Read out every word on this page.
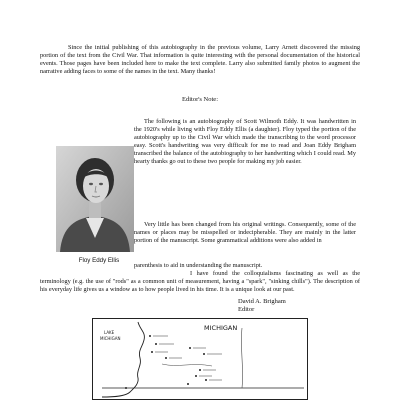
Since the initial publishing of this autobiography in the previous volume, Larry Arnett discovered the missing portion of the text from the Civil War. That information is quite interesting with the personal documentation of the historical events. Those pages have been included here to make the text complete. Larry also submitted family photos to augment the narrative adding faces to some of the names in the text. Many thanks!

Editor's Note:

Floy Eddy Ellis

The following is an autobiography of Scott Wilmoth Eddy. It was handwritten in the 1920's while living with Floy Eddy Ellis (a daughter). Floy typed the portion of the autobiography up to the Civil War which made the transcribing to the word processor easy. Scott's handwriting was very difficult for me to read and Joan Eddy Brigham transcribed the balance of the autobiography to her handwriting which I could read. My hearty thanks go out to these two people for making my job easier.

Very little has been changed from his original writings. Consequently, some of the names or places may be misspelled or indecipherable. They are mainly in the latter portion of the manuscript. Some grammatical additions were also added in

parenthesis to aid in understanding the manuscript.

I have found the colloquialisms fascinating as well as the terminology (e.g. the use of "rods" as a common unit of measurement, having a "spark", "sinking chills"). The description of his everyday life gives us a window as to how people lived in his time. It is a unique look at our past.

David A. Brigham
Editor
LAKE
MICHIGAN
MICHIGAN
